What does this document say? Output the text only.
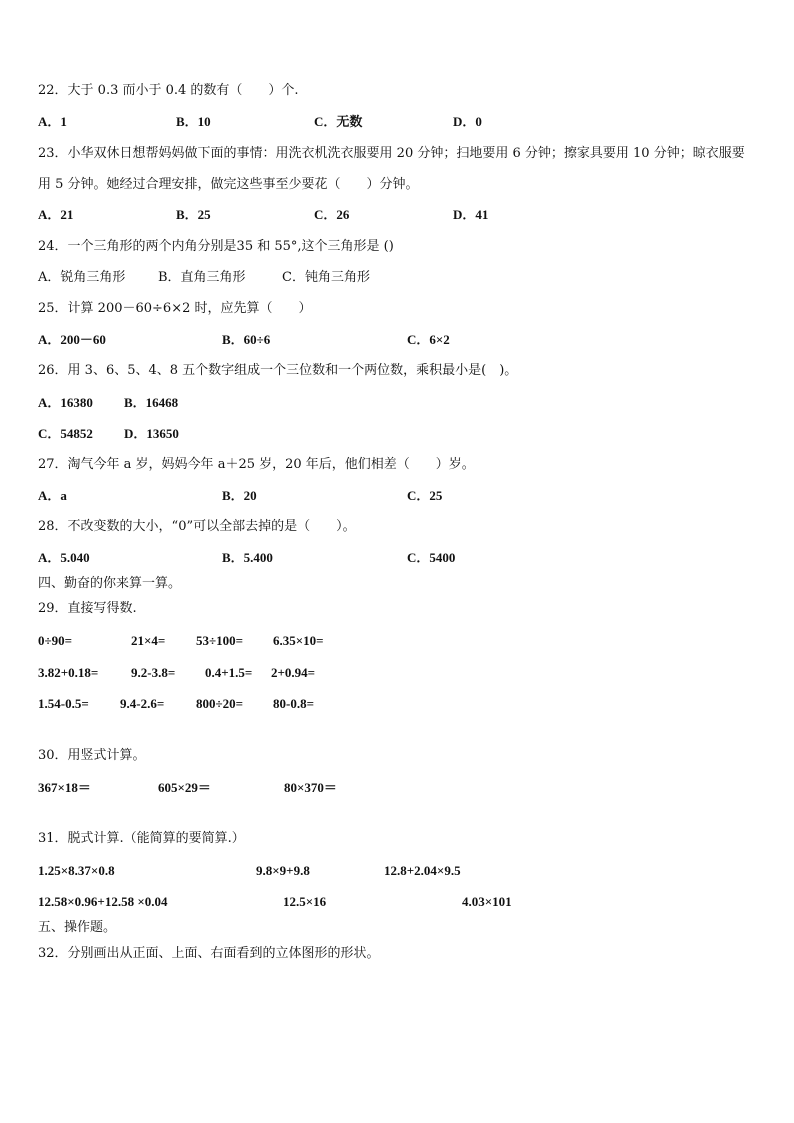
22．大于 0.3 而小于 0.4 的数有（　　）个.
A．1	B．10	C．无数	D．0
23．小华双休日想帮妈妈做下面的事情：用洗衣机洗衣服要用 20 分钟；扫地要用 6 分钟；擦家具要用 10 分钟；晾衣服要用 5 分钟。她经过合理安排，做完这些事至少要花（　　）分钟。
A．21	B．25	C．26	D．41
24．一个三角形的两个内角分别是35 和 55°,这个三角形是 ()
A．锐角三角形	B．直角三角形	C．钝角三角形
25．计算 200－60÷6×2 时，应先算（　　）
A．200－60	B．60÷6	C．6×2
26．用 3、6、5、4、8 五个数字组成一个三位数和一个两位数，乘积最小是(　)。
A．16380 B．16468
C．54852 D．13650
27．淘气今年 a 岁，妈妈今年 a＋25 岁，20 年后，他们相差（　　）岁。
A．a	B．20	C．25
28．不改变数的大小，“0”可以全部去掉的是（　　）。
A．5.040	B．5.400	C．5400
四、勤奋的你来算一算。
29．直接写得数.
0÷90=	21×4= 53÷100= 6.35×10=
3.82+0.18=	9.2-3.8= 0.4+1.5= 2+0.94=
1.54-0.5= 9.4-2.6= 800÷20= 80-0.8=
30．用竖式计算。
367×18＝	605×29＝	80×370＝
31．脱式计算.（能简算的要简算.）
1.25×8.37×0.8	9.8×9+9.8	12.8+2.04×9.5
12.58×0.96+12.58 ×0.04	12.5×16	4.03×101
五、操作题。
32．分别画出从正面、上面、右面看到的立体图形的形状。
